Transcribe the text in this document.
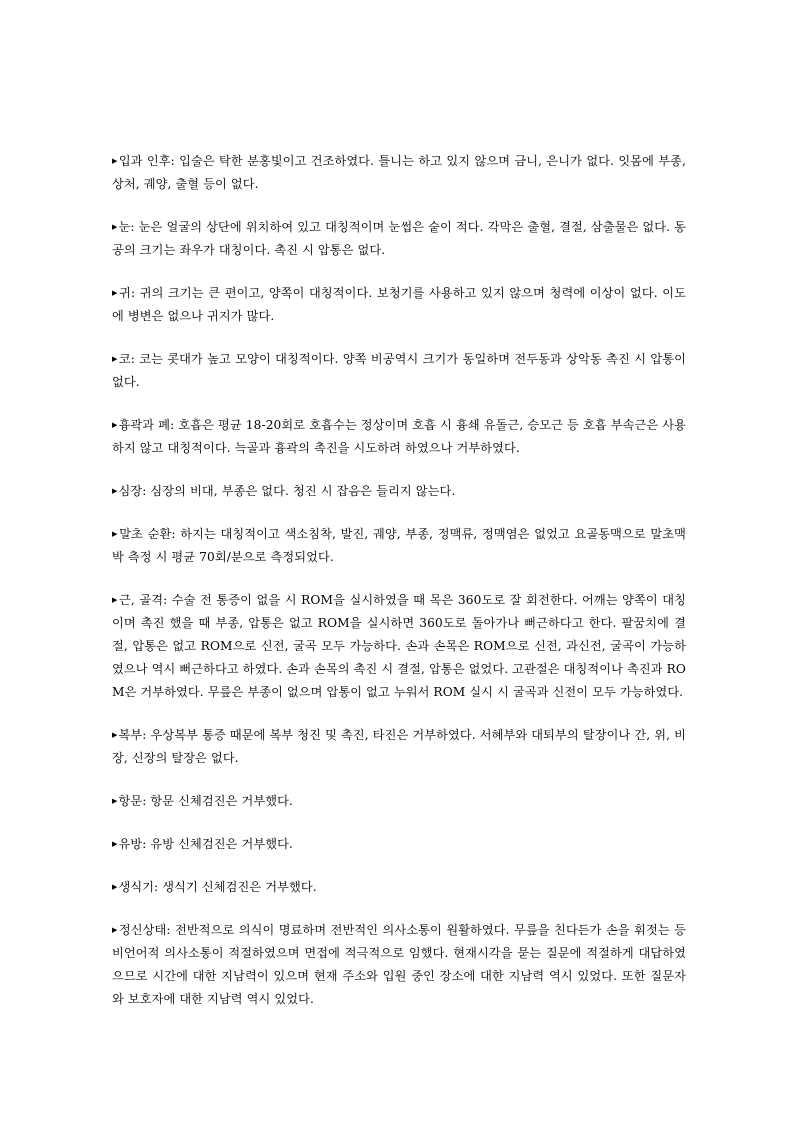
▶입과 인후: 입술은 탁한 분홍빛이고 건조하였다. 틀니는 하고 있지 않으며 금니, 은니가 없다. 잇몸에 부종, 상처, 궤양, 출혈 등이 없다.

▶눈: 눈은 얼굴의 상단에 위치하여 있고 대칭적이며 눈썹은 숱이 적다. 각막은 출혈, 결절, 삼출물은 없다. 동공의 크기는 좌우가 대칭이다. 촉진 시 압통은 없다.

▶귀: 귀의 크기는 큰 편이고, 양쪽이 대칭적이다. 보청기를 사용하고 있지 않으며 청력에 이상이 없다. 이도에 병변은 없으나 귀지가 많다.

▶코: 코는 콧대가 높고 모양이 대칭적이다. 양쪽 비공역시 크기가 동일하며 전두동과 상악동 촉진 시 압통이 없다.

▶흉곽과 폐: 호흡은 평균 18-20회로 호흡수는 정상이며 호흡 시 흉쇄 유돌근, 승모근 등 호흡 부속근은 사용하지 않고 대칭적이다. 늑골과 흉곽의 촉진을 시도하려 하였으나 거부하였다.

▶심장: 심장의 비대, 부종은 없다. 청진 시 잡음은 들리지 않는다.

▶말초 순환: 하지는 대칭적이고 색소침착, 발진, 궤양, 부종, 정맥류, 정맥염은 없었고 요골동맥으로 말초맥박 측정 시 평균 70회/분으로 측정되었다.

▶근, 골격: 수술 전 통증이 없을 시 ROM을 실시하였을 때 목은 360도로 잘 회전한다. 어깨는 양쪽이 대칭이며 촉진 했을 때 부종, 압통은 없고 ROM을 실시하면 360도로 돌아가나 뻐근하다고 한다. 팔꿈치에 결절, 압통은 없고 ROM으로 신전, 굴곡 모두 가능하다. 손과 손목은 ROM으로 신전, 과신전, 굴곡이 가능하였으나 역시 뻐근하다고 하였다. 손과 손목의 촉진 시 결절, 압통은 없었다. 고관절은 대칭적이나 촉진과 ROM은 거부하였다. 무릎은 부종이 없으며 압통이 없고 누워서 ROM 실시 시 굴곡과 신전이 모두 가능하였다.

▶복부: 우상복부 통증 때문에 복부 청진 및 촉진, 타진은 거부하였다. 서혜부와 대퇴부의 탈장이나 간, 위, 비장, 신장의 탈장은 없다.

▶항문: 항문 신체검진은 거부했다.

▶유방: 유방 신체검진은 거부했다.

▶생식기: 생식기 신체검진은 거부했다.

▶정신상태: 전반적으로 의식이 명료하며 전반적인 의사소통이 원활하였다. 무릎을 친다든가 손을 휘젓는 등 비언어적 의사소통이 적절하였으며 면접에 적극적으로 임했다. 현재시각을 묻는 질문에 적절하게 대답하였으므로 시간에 대한 지남력이 있으며 현재 주소와 입원 중인 장소에 대한 지남력 역시 있었다. 또한 질문자와 보호자에 대한 지남력 역시 있었다.
